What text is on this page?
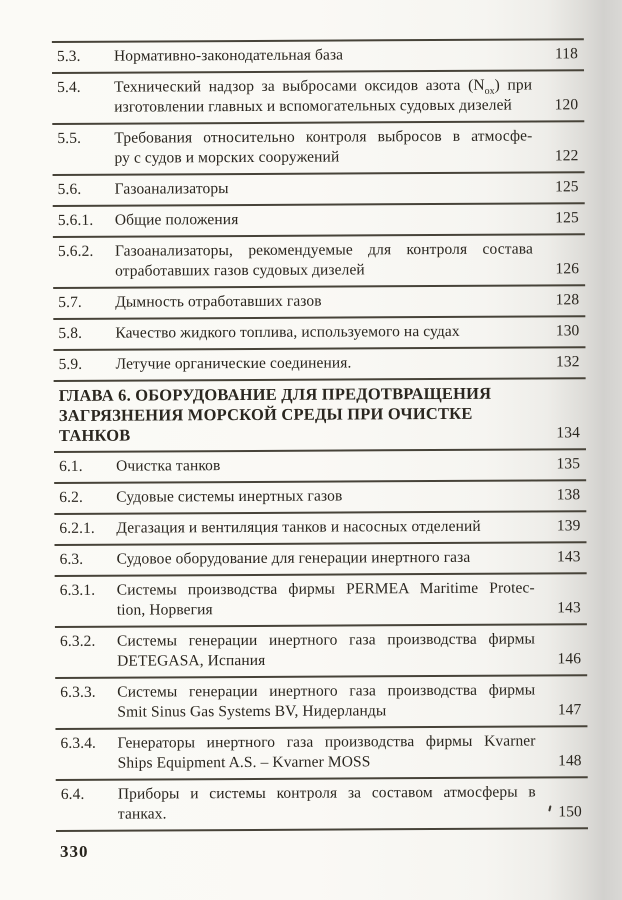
5.3.	Нормативно-законодательная база	118
5.4.	Технический надзор за выбросами оксидов азота $(N_{ox})$ при
изготовлении главных и вспомогательных судовых дизелей	120
5.5.	Требования относительно контроля выбросов в атмосфе-
ру с судов и морских сооружений	122
5.6.	Газоанализаторы	125
5.6.1.	Общие положения	125
5.6.2.	Газоанализаторы, рекомендуемые для контроля состава
отработавших газов судовых дизелей	126
5.7.	Дымность отработавших газов	128
5.8.	Качество жидкого топлива, используемого на судах	130
5.9.	Летучие органические соединения.	132
ГЛАВА 6. ОБОРУДОВАНИЕ ДЛЯ ПРЕДОТВРАЩЕНИЯ
ЗАГРЯЗНЕНИЯ МОРСКОЙ СРЕДЫ ПРИ ОЧИСТКЕ
ТАНКОВ	134
6.1.	Очистка танков	135
6.2.	Судовые системы инертных газов	138
6.2.1.	Дегазация и вентиляция танков и насосных отделений	139
6.3.	Судовое оборудование для генерации инертного газа	143
6.3.1.	Системы производства фирмы PERMEA Maritime Protec-
tion, Норвегия	143
6.3.2.	Системы генерации инертного газа производства фирмы
DETEGASA, Испания	146
6.3.3.	Системы генерации инертного газа производства фирмы
Smit Sinus Gas Systems BV, Нидерланды	147
6.3.4.	Генераторы инертного газа производства фирмы Kvarner
Ships Equipment A.S. – Kvarner MOSS	148
6.4.	Приборы и системы контроля за составом атмосферы в
танках.	150
330
